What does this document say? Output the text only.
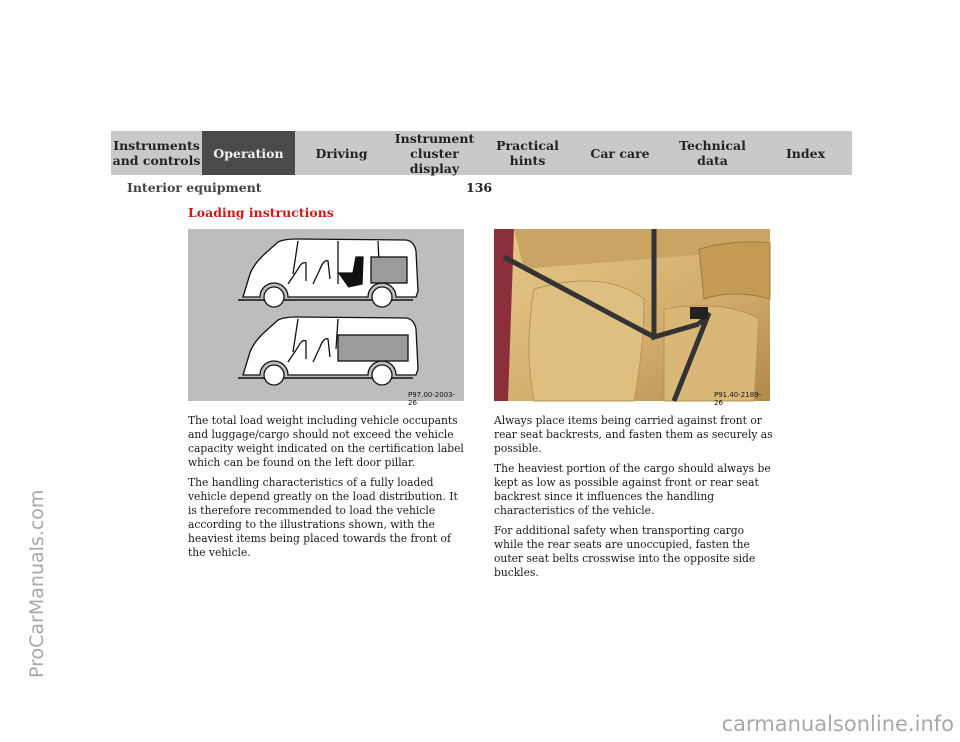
ProCarManuals.com
Instruments
and controls	Operation	Driving
Instrument
cluster display
Practical hints	Car care	Technical
data	Index
Interior equipment	136
Loading instructions
P97.00-2003-26
P91.40-2189-26

The total load weight including vehicle occupants and luggage/cargo should not exceed the vehicle capacity weight indicated on the certification label which can be found on the left door pillar.

The handling characteristics of a fully loaded vehicle depend greatly on the load distribution. It is therefore recommended to load the vehicle according to the illustrations shown, with the heaviest items being placed towards the front of the vehicle.

Always place items being carried against front or rear seat backrests, and fasten them as securely as possible.

The heaviest portion of the cargo should always be kept as low as possible against front or rear seat backrest since it influences the handling characteristics of the vehicle.

For additional safety when transporting cargo while the rear seats are unoccupied, fasten the outer seat belts crosswise into the opposite side buckles.

carmanualsonline.info
